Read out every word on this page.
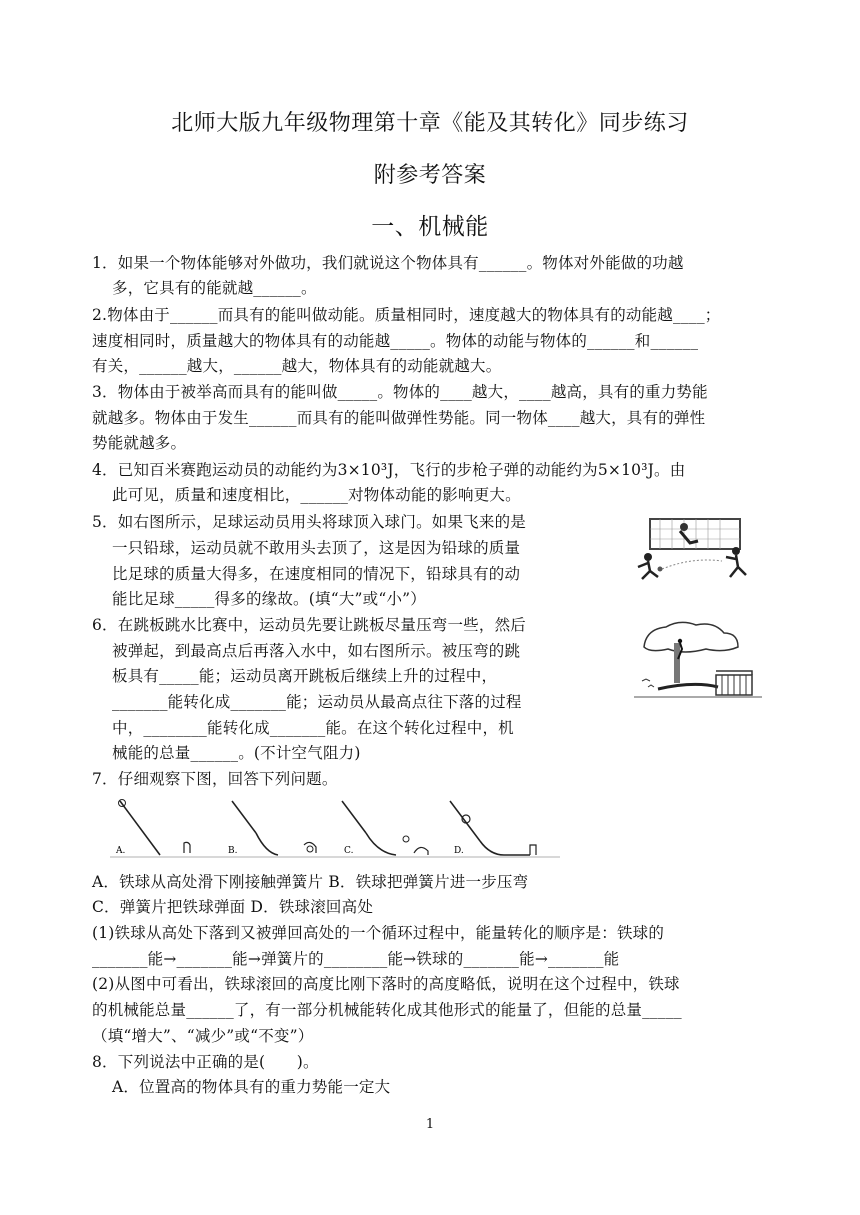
北师大版九年级物理第十章《能及其转化》同步练习
附参考答案
一、机械能
1．如果一个物体能够对外做功，我们就说这个物体具有______。物体对外能做的功越
多，它具有的能就越______。
2.物体由于______而具有的能叫做动能。质量相同时，速度越大的物体具有的动能越____；
速度相同时，质量越大的物体具有的动能越_____。物体的动能与物体的______和______
有关，______越大，______越大，物体具有的动能就越大。
3．物体由于被举高而具有的能叫做_____。物体的____越大，____越高，具有的重力势能
就越多。物体由于发生______而具有的能叫做弹性势能。同一物体____越大，具有的弹性
势能就越多。
4．已知百米赛跑运动员的动能约为3×10³J，飞行的步枪子弹的动能约为5×10³J。由
此可见，质量和速度相比，______对物体动能的影响更大。
5．如右图所示，足球运动员用头将球顶入球门。如果飞来的是
一只铅球，运动员就不敢用头去顶了，这是因为铅球的质量
比足球的质量大得多，在速度相同的情况下，铅球具有的动
能比足球_____得多的缘故。(填“大”或“小”）
6．在跳板跳水比赛中，运动员先要让跳板尽量压弯一些，然后
被弹起，到最高点后再落入水中，如右图所示。被压弯的跳
板具有_____能；运动员离开跳板后继续上升的过程中，
_______能转化成_______能；运动员从最高点往下落的过程
中，________能转化成_______能。在这个转化过程中，机
械能的总量______。(不计空气阻力)
7．仔细观察下图，回答下列问题。
A．铁球从高处滑下刚接触弹簧片 B．铁球把弹簧片进一步压弯
C．弹簧片把铁球弹面 D．铁球滚回高处
(1)铁球从高处下落到又被弹回高处的一个循环过程中，能量转化的顺序是：铁球的
_______能→_______能→弹簧片的________能→铁球的_______能→_______能
(2)从图中可看出，铁球滚回的高度比刚下落时的高度略低，说明在这个过程中，铁球
的机械能总量______了，有一部分机械能转化成其他形式的能量了，但能的总量_____
（填“增大”、“减少”或“不变”）
8．下列说法中正确的是(　　)。
A．位置高的物体具有的重力势能一定大
A.	B.	C.	D.
1
